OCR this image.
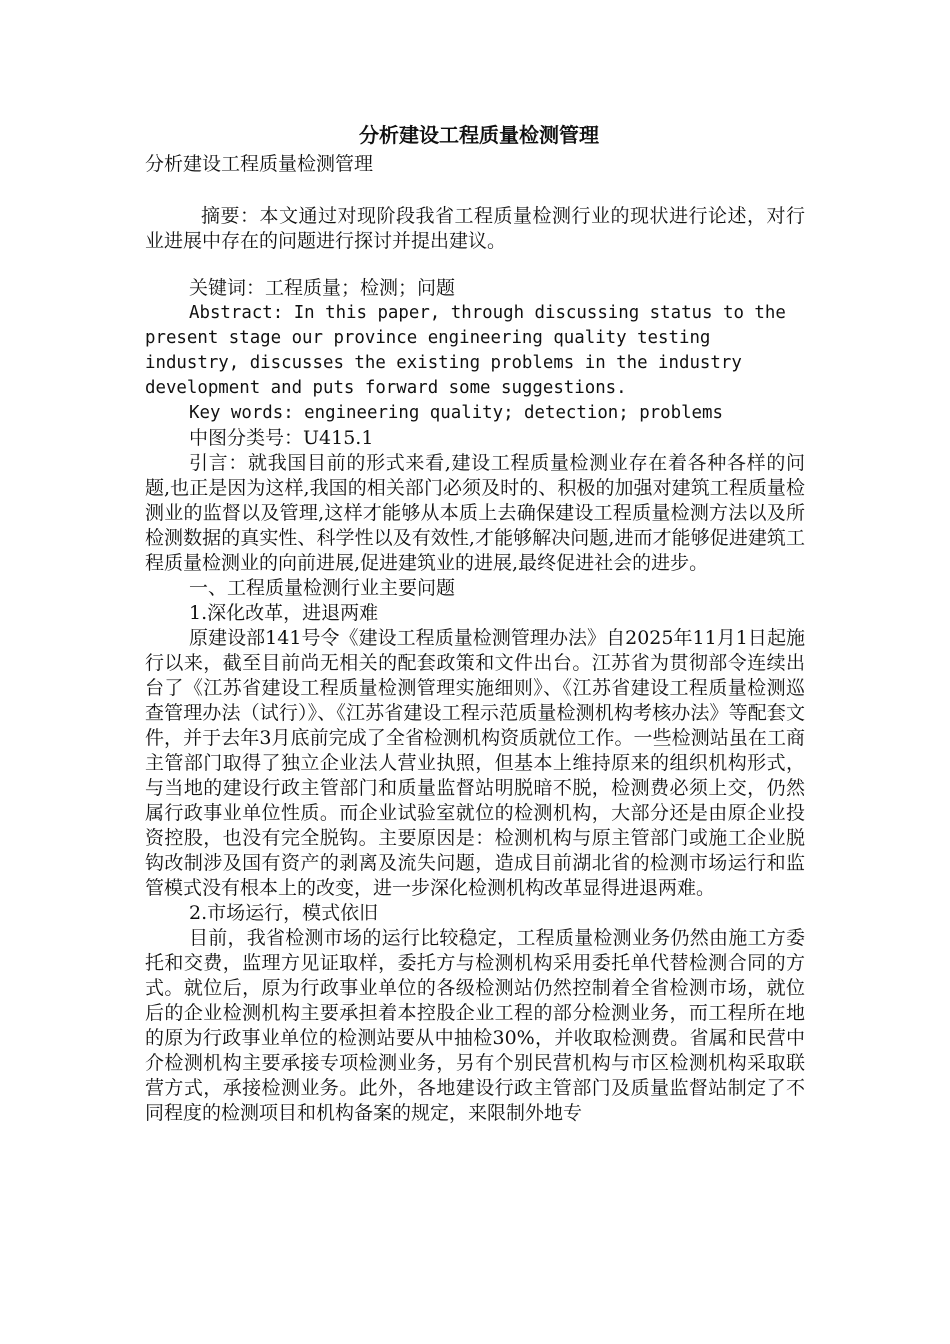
分析建设工程质量检测管理
分析建设工程质量检测管理

摘要：本文通过对现阶段我省工程质量检测行业的现状进行论述，对行业进展中存在的问题进行探讨并提出建议。

关键词：工程质量；检测；问题

Abstract: In this paper, through discussing status to the present stage our province engineering quality testing industry, discusses the existing problems in the industry development and puts forward some suggestions.

Key words: engineering quality; detection; problems

中图分类号：U415.1

引言：就我国目前的形式来看,建设工程质量检测业存在着各种各样的问题,也正是因为这样,我国的相关部门必须及时的、积极的加强对建筑工程质量检测业的监督以及管理,这样才能够从本质上去确保建设工程质量检测方法以及所检测数据的真实性、科学性以及有效性,才能够解决问题,进而才能够促进建筑工程质量检测业的向前进展,促进建筑业的进展,最终促进社会的进步。

一、工程质量检测行业主要问题

1.深化改革，进退两难

原建设部141号令《建设工程质量检测管理办法》自2025年11月1日起施行以来，截至目前尚无相关的配套政策和文件出台。江苏省为贯彻部令连续出台了《江苏省建设工程质量检测管理实施细则》、《江苏省建设工程质量检测巡查管理办法（试行）》、《江苏省建设工程示范质量检测机构考核办法》等配套文件，并于去年3月底前完成了全省检测机构资质就位工作。一些检测站虽在工商主管部门取得了独立企业法人营业执照，但基本上维持原来的组织机构形式，与当地的建设行政主管部门和质量监督站明脱暗不脱，检测费必须上交，仍然属行政事业单位性质。而企业试验室就位的检测机构，大部分还是由原企业投资控股，也没有完全脱钩。主要原因是：检测机构与原主管部门或施工企业脱钩改制涉及国有资产的剥离及流失问题，造成目前湖北省的检测市场运行和监管模式没有根本上的改变，进一步深化检测机构改革显得进退两难。

2.市场运行，模式依旧

目前，我省检测市场的运行比较稳定，工程质量检测业务仍然由施工方委托和交费，监理方见证取样，委托方与检测机构采用委托单代替检测合同的方式。就位后，原为行政事业单位的各级检测站仍然控制着全省检测市场，就位后的企业检测机构主要承担着本控股企业工程的部分检测业务，而工程所在地的原为行政事业单位的检测站要从中抽检30%，并收取检测费。省属和民营中介检测机构主要承接专项检测业务，另有个别民营机构与市区检测机构采取联营方式，承接检测业务。此外，各地建设行政主管部门及质量监督站制定了不同程度的检测项目和机构备案的规定，来限制外地专
